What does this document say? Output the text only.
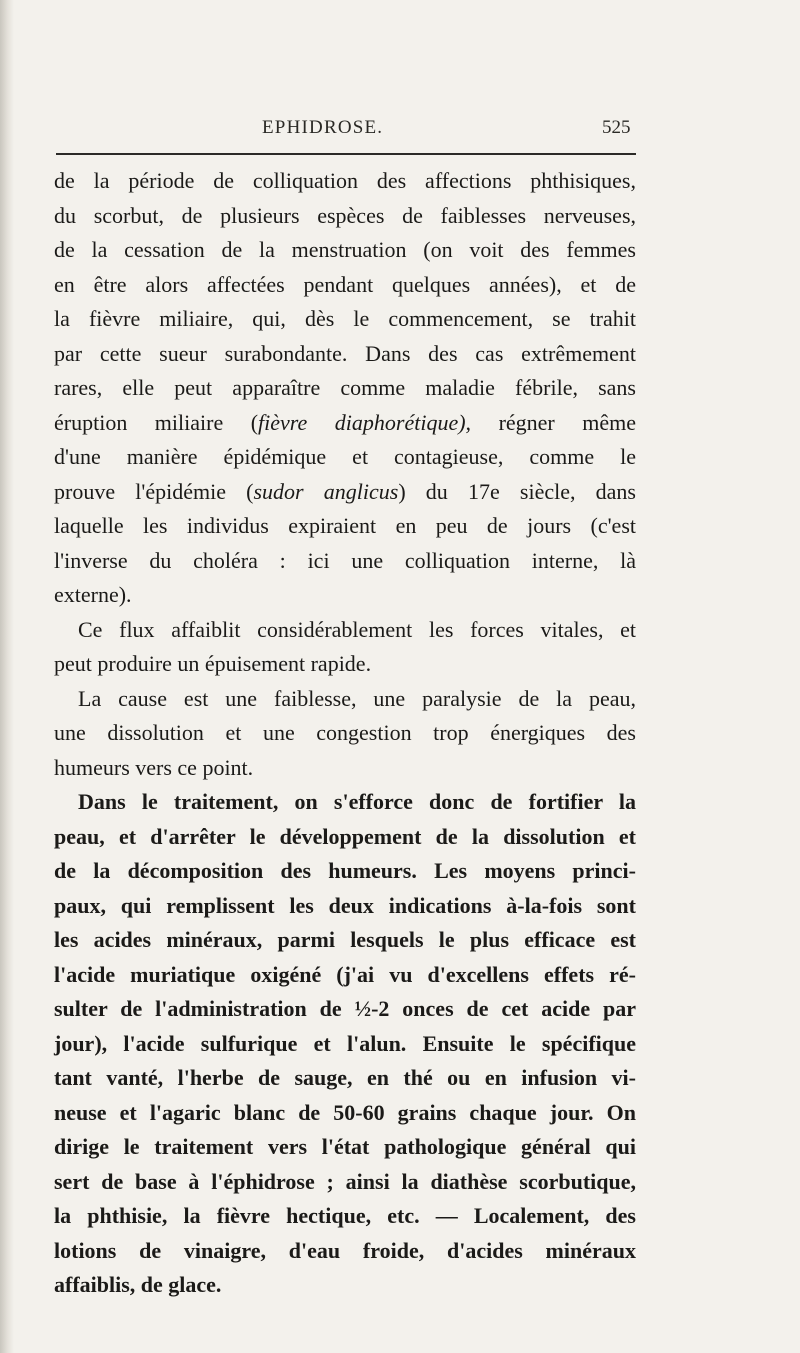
EPHIDROSE.	525
de la période de colliquation des affections phthisiques,
du scorbut, de plusieurs espèces de faiblesses nerveuses,
de la cessation de la menstruation (on voit des femmes
en être alors affectées pendant quelques années), et de
la fièvre miliaire, qui, dès le commencement, se trahit
par cette sueur surabondante. Dans des cas extrêmement
rares, elle peut apparaître comme maladie fébrile, sans
éruption miliaire (fièvre diaphorétique), régner même
d'une manière épidémique et contagieuse, comme le
prouve l'épidémie (sudor anglicus) du 17e siècle, dans
laquelle les individus expiraient en peu de jours (c'est
l'inverse du choléra : ici une colliquation interne, là
externe).
Ce flux affaiblit considérablement les forces vitales, et
peut produire un épuisement rapide.
La cause est une faiblesse, une paralysie de la peau,
une dissolution et une congestion trop énergiques des
humeurs vers ce point.
Dans le traitement, on s'efforce donc de fortifier la
peau, et d'arrêter le développement de la dissolution et
de la décomposition des humeurs. Les moyens princi-
paux, qui remplissent les deux indications à-la-fois sont
les acides minéraux, parmi lesquels le plus efficace est
l'acide muriatique oxigéné (j'ai vu d'excellens effets ré-
sulter de l'administration de ½-2 onces de cet acide par
jour), l'acide sulfurique et l'alun. Ensuite le spécifique
tant vanté, l'herbe de sauge, en thé ou en infusion vi-
neuse et l'agaric blanc de 50-60 grains chaque jour. On
dirige le traitement vers l'état pathologique général qui
sert de base à l'éphidrose ; ainsi la diathèse scorbutique,
la phthisie, la fièvre hectique, etc. — Localement, des
lotions de vinaigre, d'eau froide, d'acides minéraux
affaiblis, de glace.
